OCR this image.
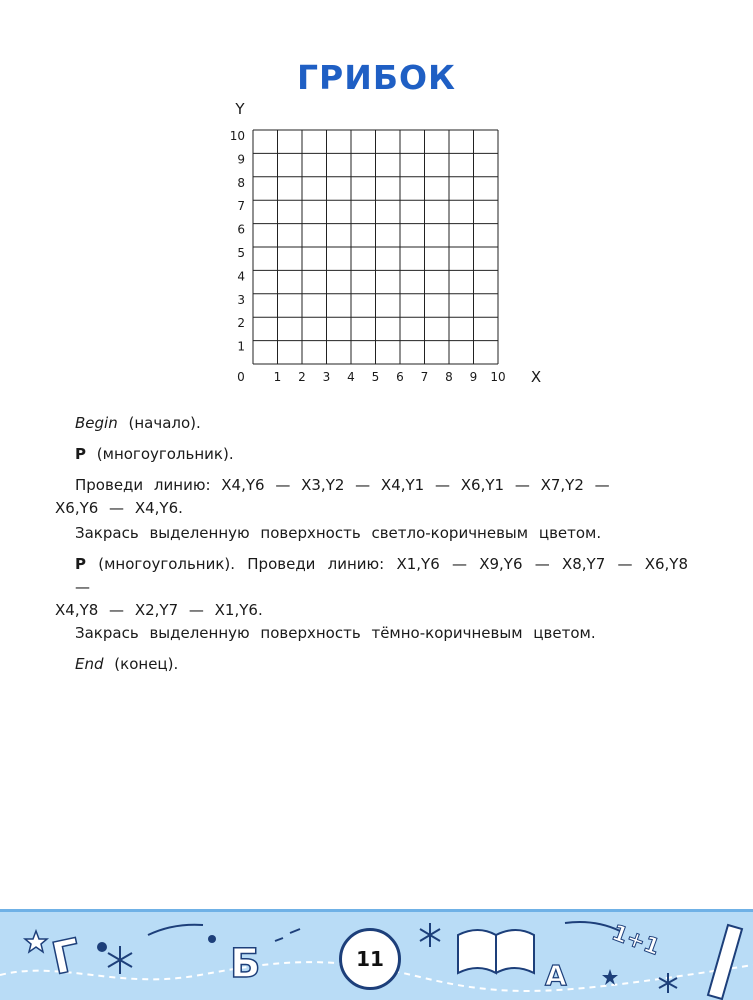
ГРИБОК
1 2 3 4 5 6 7 8 9 10
1
2
3
4
5
6
7
8
9
10
0	X
Y

Begin (начало).

P (многоугольник).

Проведи линию: X4,Y6 — X3,Y2 — X4,Y1 — X6,Y1 — X7,Y2 —

X6,Y6 — X4,Y6.

Закрась выделенную поверхность светло-коричневым цветом.

P (многоугольник). Проведи линию: X1,Y6 — X9,Y6 — X8,Y7 — X6,Y8 —

X4,Y8 — X2,Y7 — X1,Y6.

Закрась выделенную поверхность тёмно-коричневым цветом.

End (конец).

Г	Б	А
1+1
11
